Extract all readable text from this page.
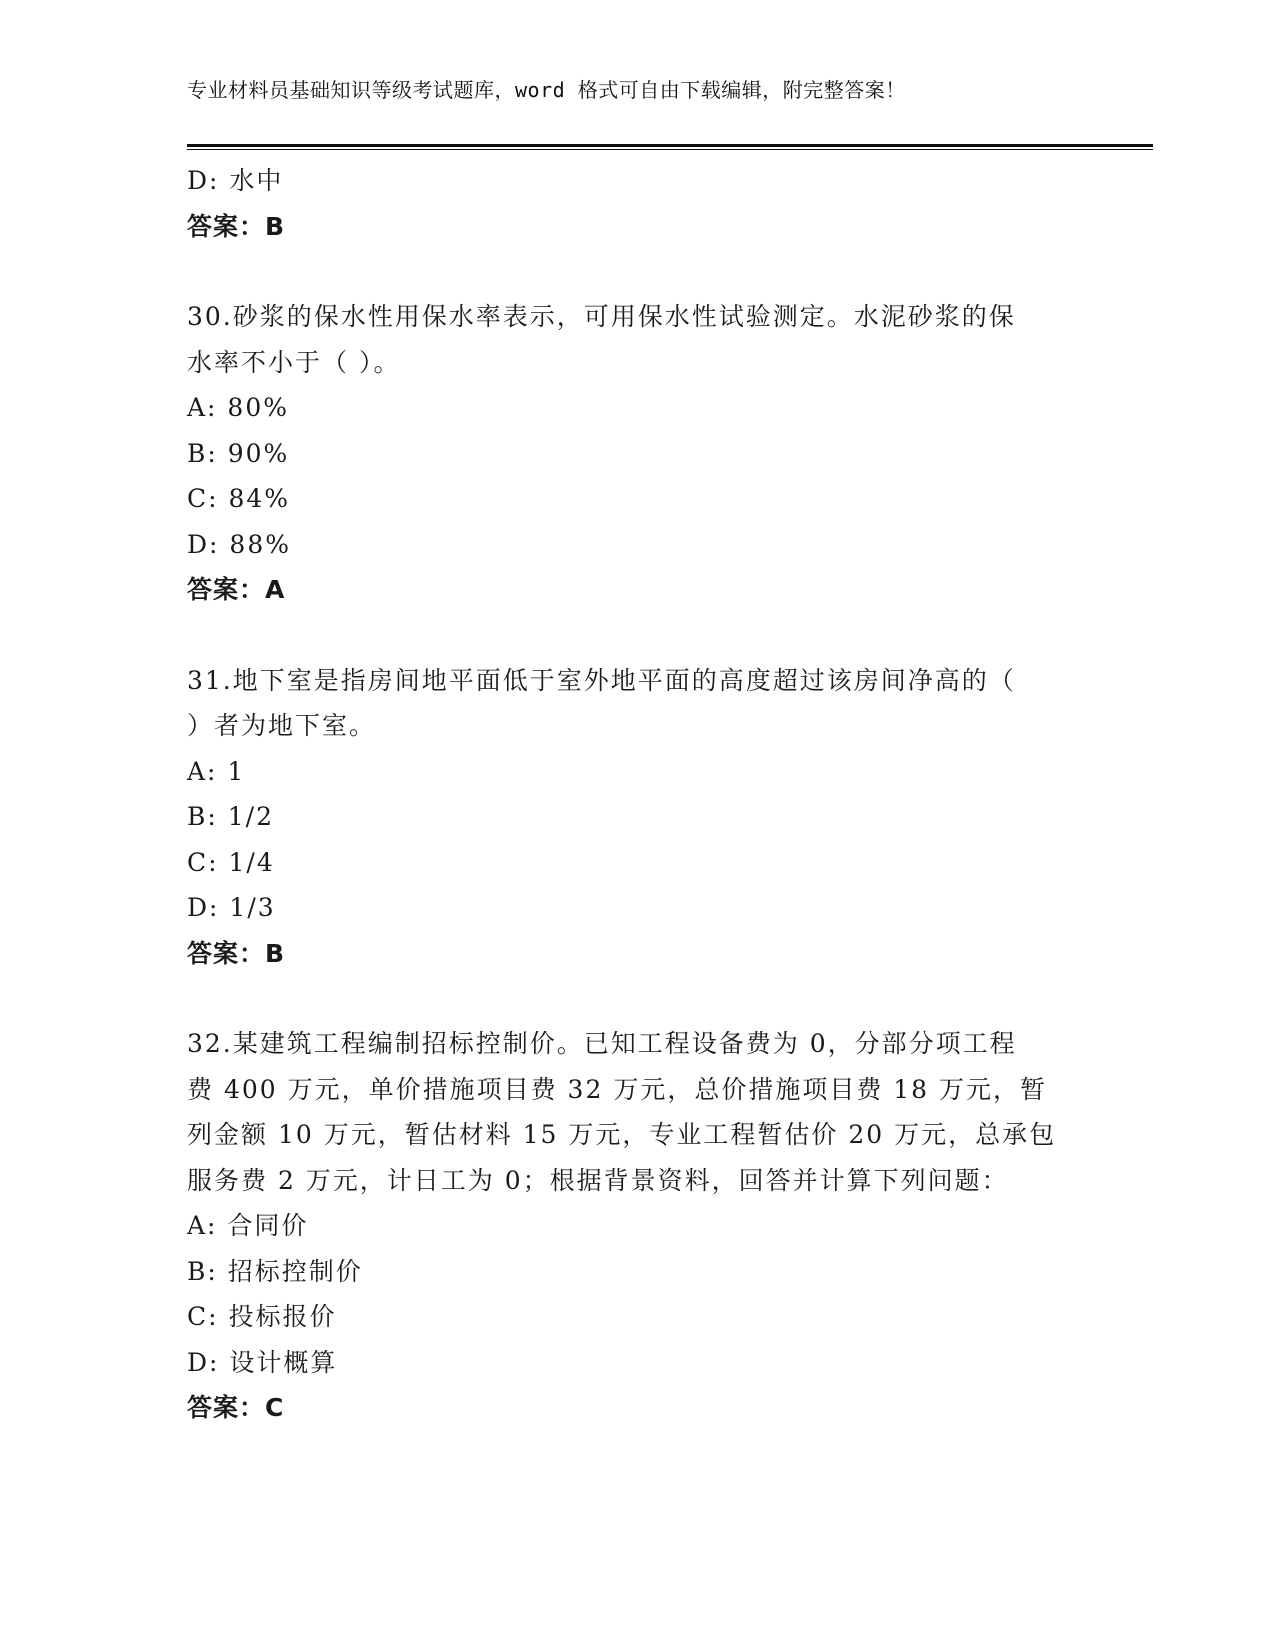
专业材料员基础知识等级考试题库，word 格式可自由下载编辑，附完整答案！
D: 水中
答案：B
30.砂浆的保水性用保水率表示，可用保水性试验测定。水泥砂浆的保
水率不小于（ ）。
A: 80%
B: 90%
C: 84%
D: 88%
答案：A
31.地下室是指房间地平面低于室外地平面的高度超过该房间净高的（
）者为地下室。
A: 1
B: 1/2
C: 1/4
D: 1/3
答案：B
32.某建筑工程编制招标控制价。已知工程设备费为 0，分部分项工程
费 400 万元，单价措施项目费 32 万元，总价措施项目费 18 万元，暂
列金额 10 万元，暂估材料 15 万元，专业工程暂估价 20 万元，总承包
服务费 2 万元，计日工为 0；根据背景资料，回答并计算下列问题：
A: 合同价
B: 招标控制价
C: 投标报价
D: 设计概算
答案：C
